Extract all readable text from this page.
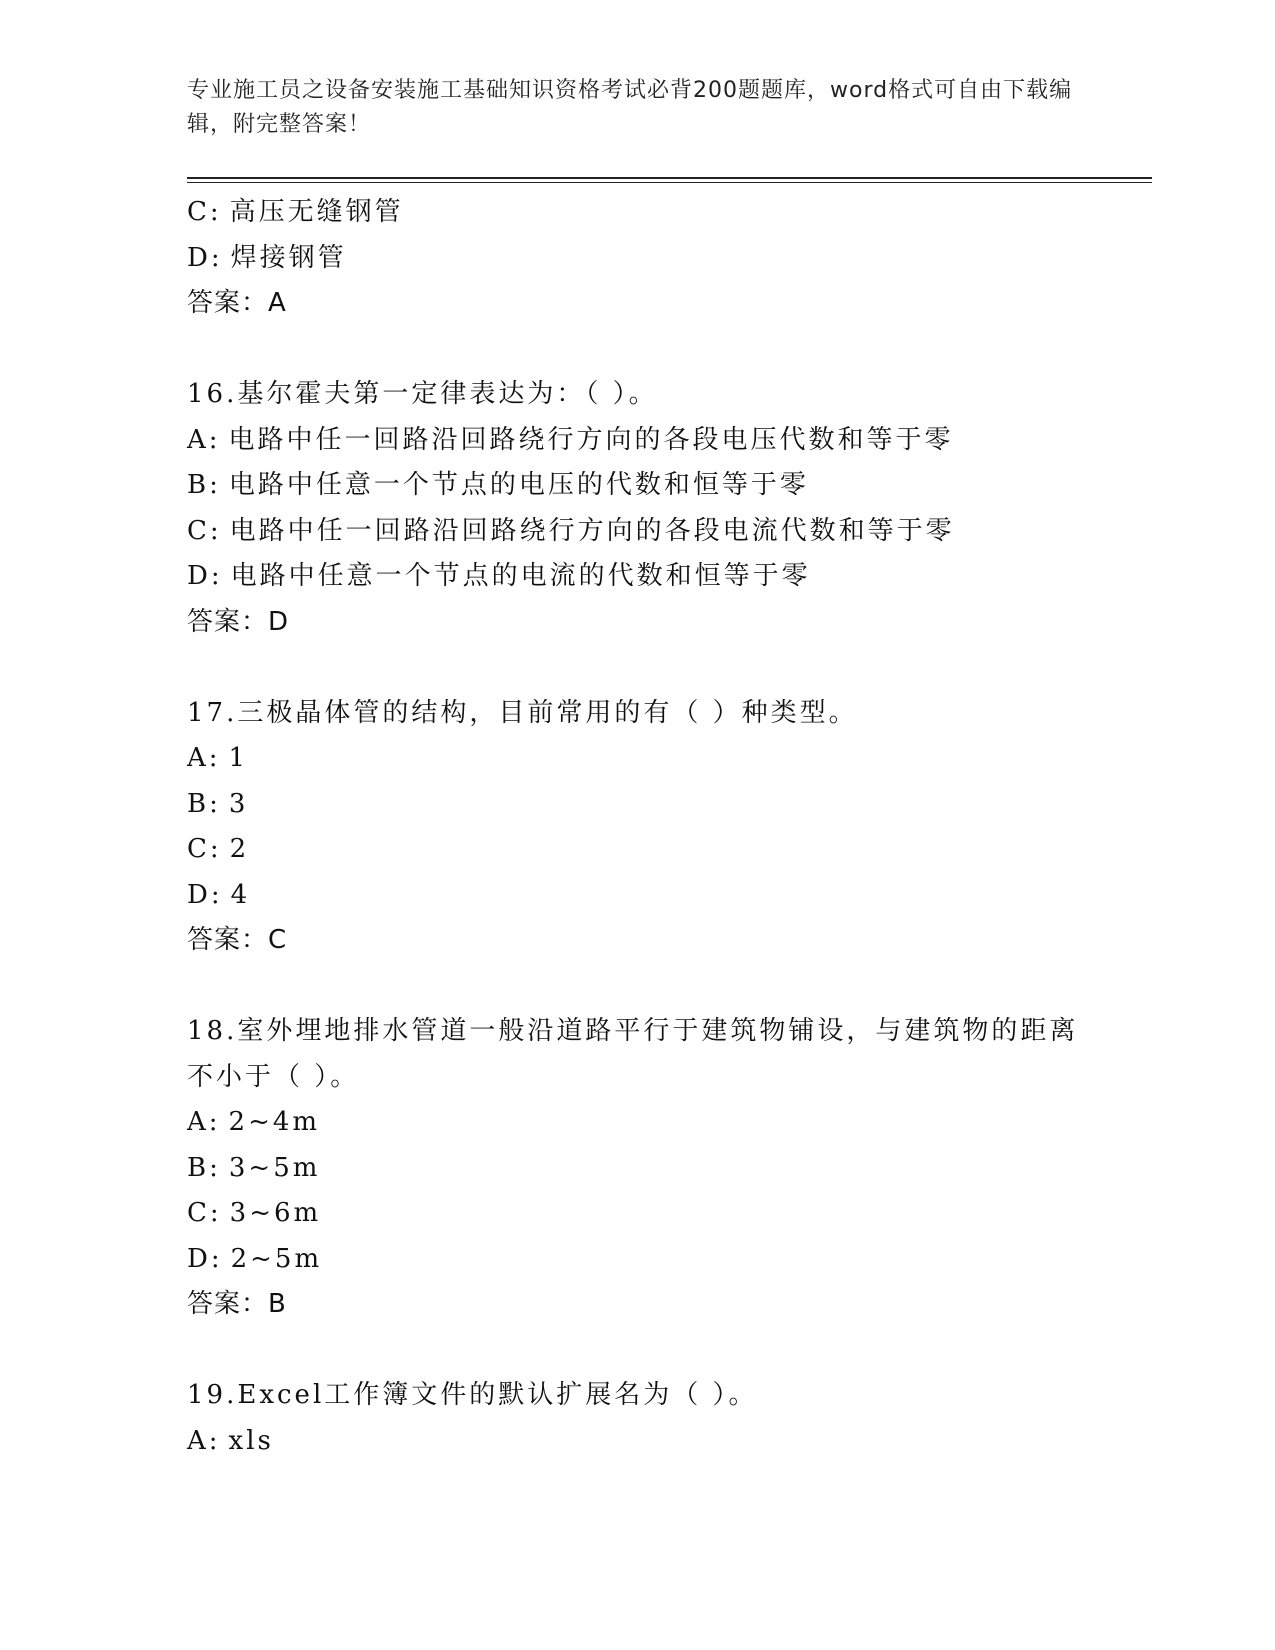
专业施工员之设备安装施工基础知识资格考试必背200题题库，word格式可自由下载编辑，附完整答案！
C: 高压无缝钢管
D: 焊接钢管
答案：A
16.基尔霍夫第一定律表达为：（ ）。
A: 电路中任一回路沿回路绕行方向的各段电压代数和等于零
B: 电路中任意一个节点的电压的代数和恒等于零
C: 电路中任一回路沿回路绕行方向的各段电流代数和等于零
D: 电路中任意一个节点的电流的代数和恒等于零
答案：D
17.三极晶体管的结构，目前常用的有（ ）种类型。
A: 1
B: 3
C: 2
D: 4
答案：C
18.室外埋地排水管道一般沿道路平行于建筑物铺设，与建筑物的距离不小于（ ）。
A: 2~4m
B: 3~5m
C: 3~6m
D: 2~5m
答案：B
19.Excel工作簿文件的默认扩展名为（ ）。
A: xls
